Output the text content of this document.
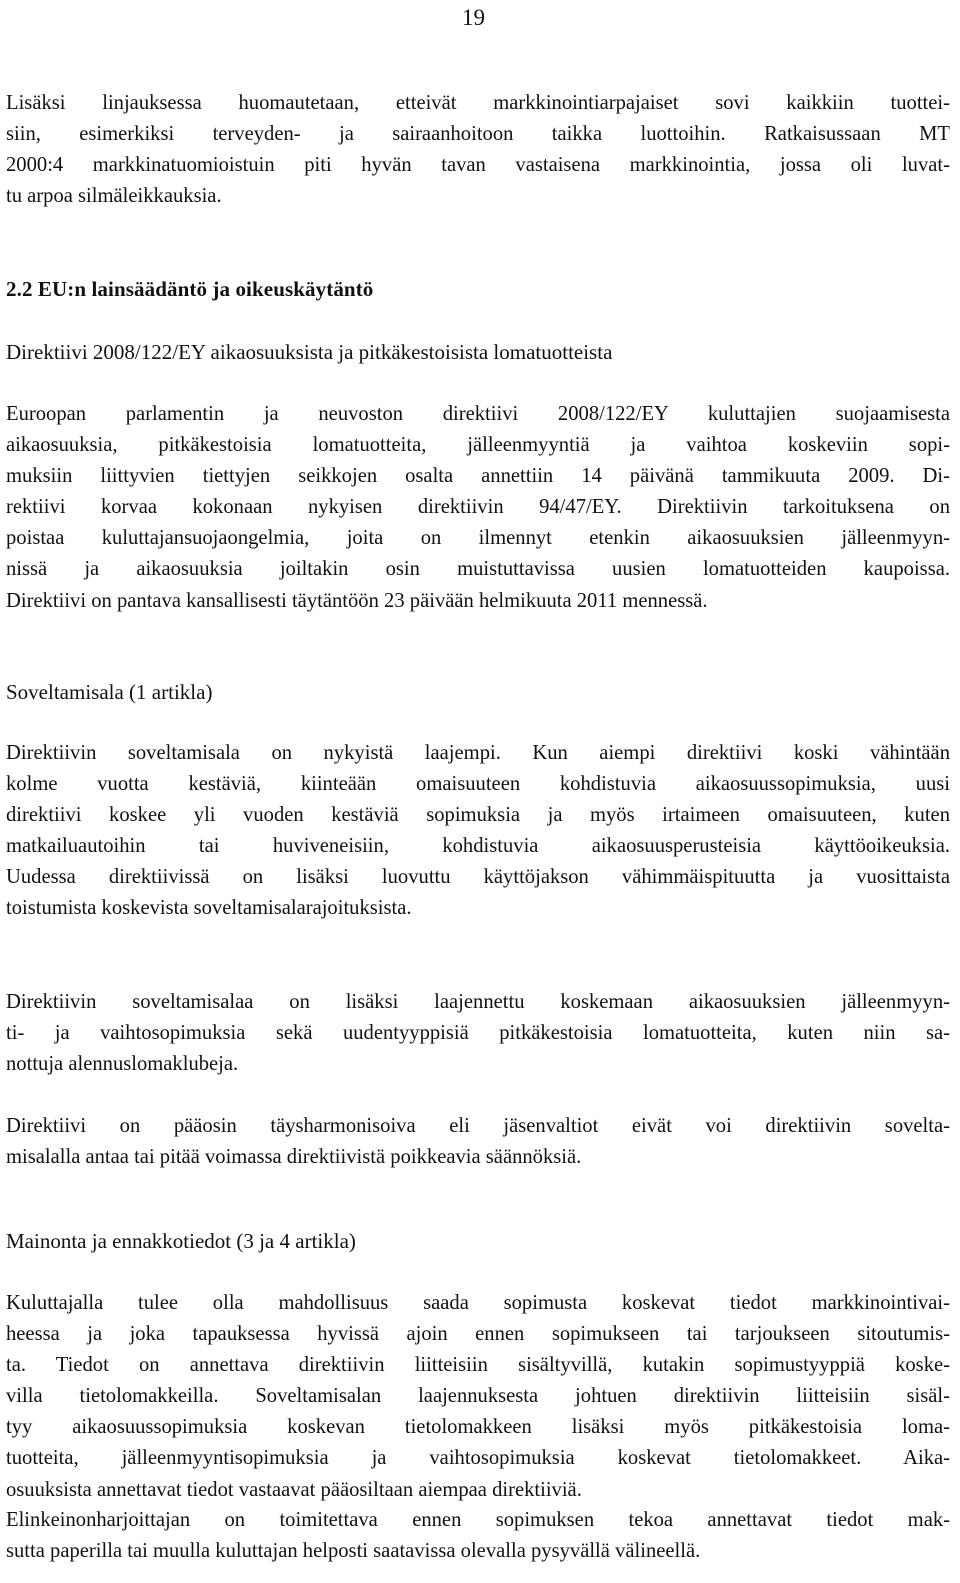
19

Lisäksi linjauksessa huomautetaan, etteivät markkinointiarpajaiset sovi kaikkiin tuottei-
siin, esimerkiksi terveyden- ja sairaanhoitoon taikka luottoihin. Ratkaisussaan MT
2000:4 markkinatuomioistuin piti hyvän tavan vastaisena markkinointia, jossa oli luvat-
tu arpoa silmäleikkauksia.

2.2 EU:n lainsäädäntö ja oikeuskäytäntö
Direktiivi 2008/122/EY aikaosuuksista ja pitkäkestoisista lomatuotteista

Euroopan parlamentin ja neuvoston direktiivi 2008/122/EY kuluttajien suojaamisesta
aikaosuuksia, pitkäkestoisia lomatuotteita, jälleenmyyntiä ja vaihtoa koskeviin sopi-
muksiin liittyvien tiettyjen seikkojen osalta annettiin 14 päivänä tammikuuta 2009. Di-
rektiivi korvaa kokonaan nykyisen direktiivin 94/47/EY. Direktiivin tarkoituksena on
poistaa kuluttajansuojaongelmia, joita on ilmennyt etenkin aikaosuuksien jälleenmyyn-
nissä ja aikaosuuksia joiltakin osin muistuttavissa uusien lomatuotteiden kaupoissa.
Direktiivi on pantava kansallisesti täytäntöön 23 päivään helmikuuta 2011 mennessä.

Soveltamisala (1 artikla)

Direktiivin soveltamisala on nykyistä laajempi. Kun aiempi direktiivi koski vähintään
kolme vuotta kestäviä, kiinteään omaisuuteen kohdistuvia aikaosuussopimuksia, uusi
direktiivi koskee yli vuoden kestäviä sopimuksia ja myös irtaimeen omaisuuteen, kuten
matkailuautoihin tai huviveneisiin, kohdistuvia aikaosuusperusteisia käyttöoikeuksia.
Uudessa direktiivissä on lisäksi luovuttu käyttöjakson vähimmäispituutta ja vuosittaista
toistumista koskevista soveltamisalarajoituksista.

Direktiivin soveltamisalaa on lisäksi laajennettu koskemaan aikaosuuksien jälleenmyyn-
ti- ja vaihtosopimuksia sekä uudentyyppisiä pitkäkestoisia lomatuotteita, kuten niin sa-
nottuja alennuslomaklubeja.

Direktiivi on pääosin täysharmonisoiva eli jäsenvaltiot eivät voi direktiivin sovelta-
misalalla antaa tai pitää voimassa direktiivistä poikkeavia säännöksiä.

Mainonta ja ennakkotiedot (3 ja 4 artikla)

Kuluttajalla tulee olla mahdollisuus saada sopimusta koskevat tiedot markkinointivai-
heessa ja joka tapauksessa hyvissä ajoin ennen sopimukseen tai tarjoukseen sitoutumis-
ta. Tiedot on annettava direktiivin liitteisiin sisältyvillä, kutakin sopimustyyppiä koske-
villa tietolomakkeilla. Soveltamisalan laajennuksesta johtuen direktiivin liitteisiin sisäl-
tyy aikaosuussopimuksia koskevan tietolomakkeen lisäksi myös pitkäkestoisia loma-
tuotteita, jälleenmyyntisopimuksia ja vaihtosopimuksia koskevat tietolomakkeet. Aika-
osuuksista annettavat tiedot vastaavat pääosiltaan aiempaa direktiiviä.

Elinkeinonharjoittajan on toimitettava ennen sopimuksen tekoa annettavat tiedot mak-
sutta paperilla tai muulla kuluttajan helposti saatavissa olevalla pysyvällä välineellä.
